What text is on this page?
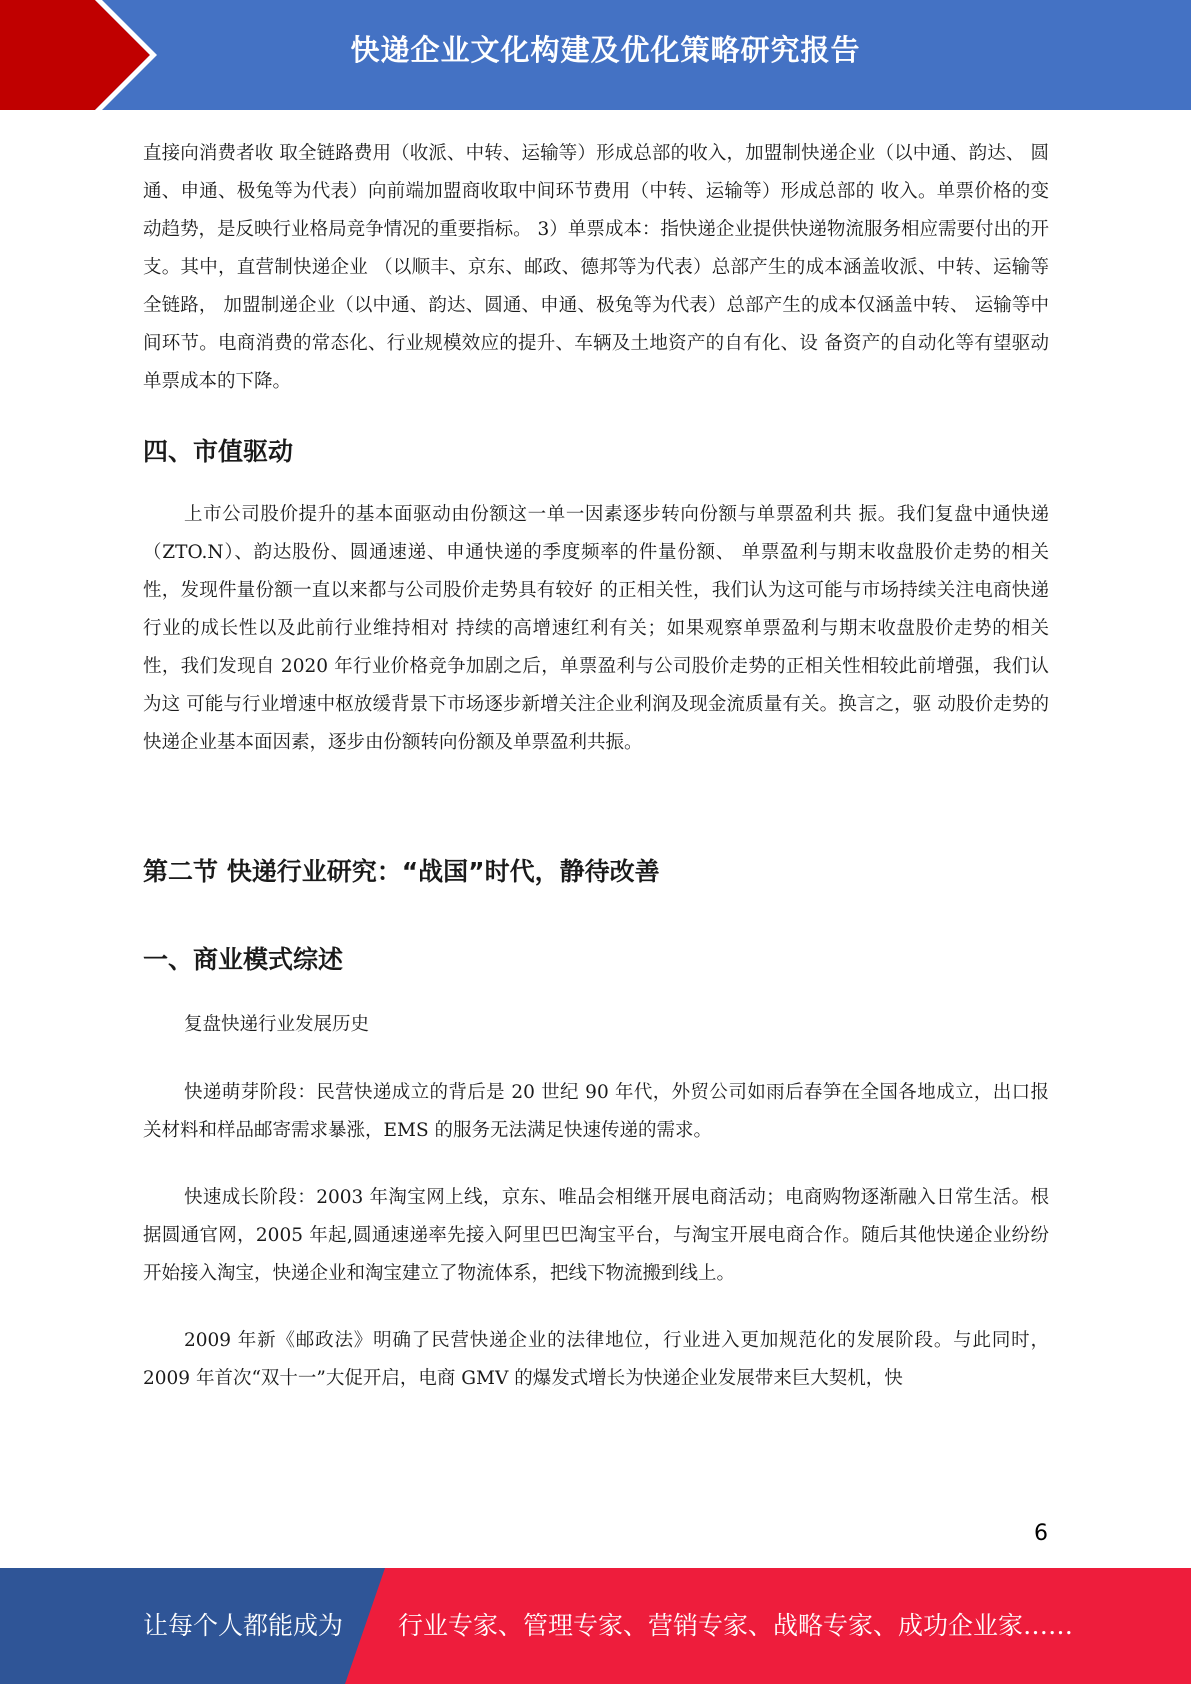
快递企业文化构建及优化策略研究报告

直接向消费者收 取全链路费用（收派、中转、运输等）形成总部的收入，加盟制快递企业（以中通、韵达、 圆通、申通、极兔等为代表）向前端加盟商收取中间环节费用（中转、运输等）形成总部的 收入。单票价格的变动趋势，是反映行业格局竞争情况的重要指标。 3）单票成本：指快递企业提供快递物流服务相应需要付出的开支。其中，直营制快递企业 （以顺丰、京东、邮政、德邦等为代表）总部产生的成本涵盖收派、中转、运输等全链路， 加盟制递企业（以中通、韵达、圆通、申通、极兔等为代表）总部产生的成本仅涵盖中转、 运输等中间环节。电商消费的常态化、行业规模效应的提升、车辆及土地资产的自有化、设 备资产的自动化等有望驱动单票成本的下降。

四、市值驱动

上市公司股价提升的基本面驱动由份额这一单一因素逐步转向份额与单票盈利共 振。我们复盘中通快递（ZTO.N）、韵达股份、圆通速递、申通快递的季度频率的件量份额、 单票盈利与期末收盘股价走势的相关性，发现件量份额一直以来都与公司股价走势具有较好 的正相关性，我们认为这可能与市场持续关注电商快递行业的成长性以及此前行业维持相对 持续的高增速红利有关；如果观察单票盈利与期末收盘股价走势的相关性，我们发现自 2020 年行业价格竞争加剧之后，单票盈利与公司股价走势的正相关性相较此前增强，我们认为这 可能与行业增速中枢放缓背景下市场逐步新增关注企业利润及现金流质量有关。换言之，驱 动股价走势的快递企业基本面因素，逐步由份额转向份额及单票盈利共振。

第二节 快递行业研究：“战国”时代，静待改善
一、商业模式综述

复盘快递行业发展历史

快递萌芽阶段：民营快递成立的背后是 20 世纪 90 年代，外贸公司如雨后春笋在全国各地成立，出口报关材料和样品邮寄需求暴涨，EMS 的服务无法满足快速传递的需求。

快速成长阶段：2003 年淘宝网上线，京东、唯品会相继开展电商活动；电商购物逐渐融入日常生活。根据圆通官网，2005 年起,圆通速递率先接入阿里巴巴淘宝平台，与淘宝开展电商合作。随后其他快递企业纷纷开始接入淘宝，快递企业和淘宝建立了物流体系，把线下物流搬到线上。

2009 年新《邮政法》明确了民营快递企业的法律地位，行业进入更加规范化的发展阶段。与此同时，2009 年首次“双十一”大促开启，电商 GMV 的爆发式增长为快递企业发展带来巨大契机，快

6
让每个人都能成为 行业专家、管理专家、营销专家、战略专家、成功企业家……
